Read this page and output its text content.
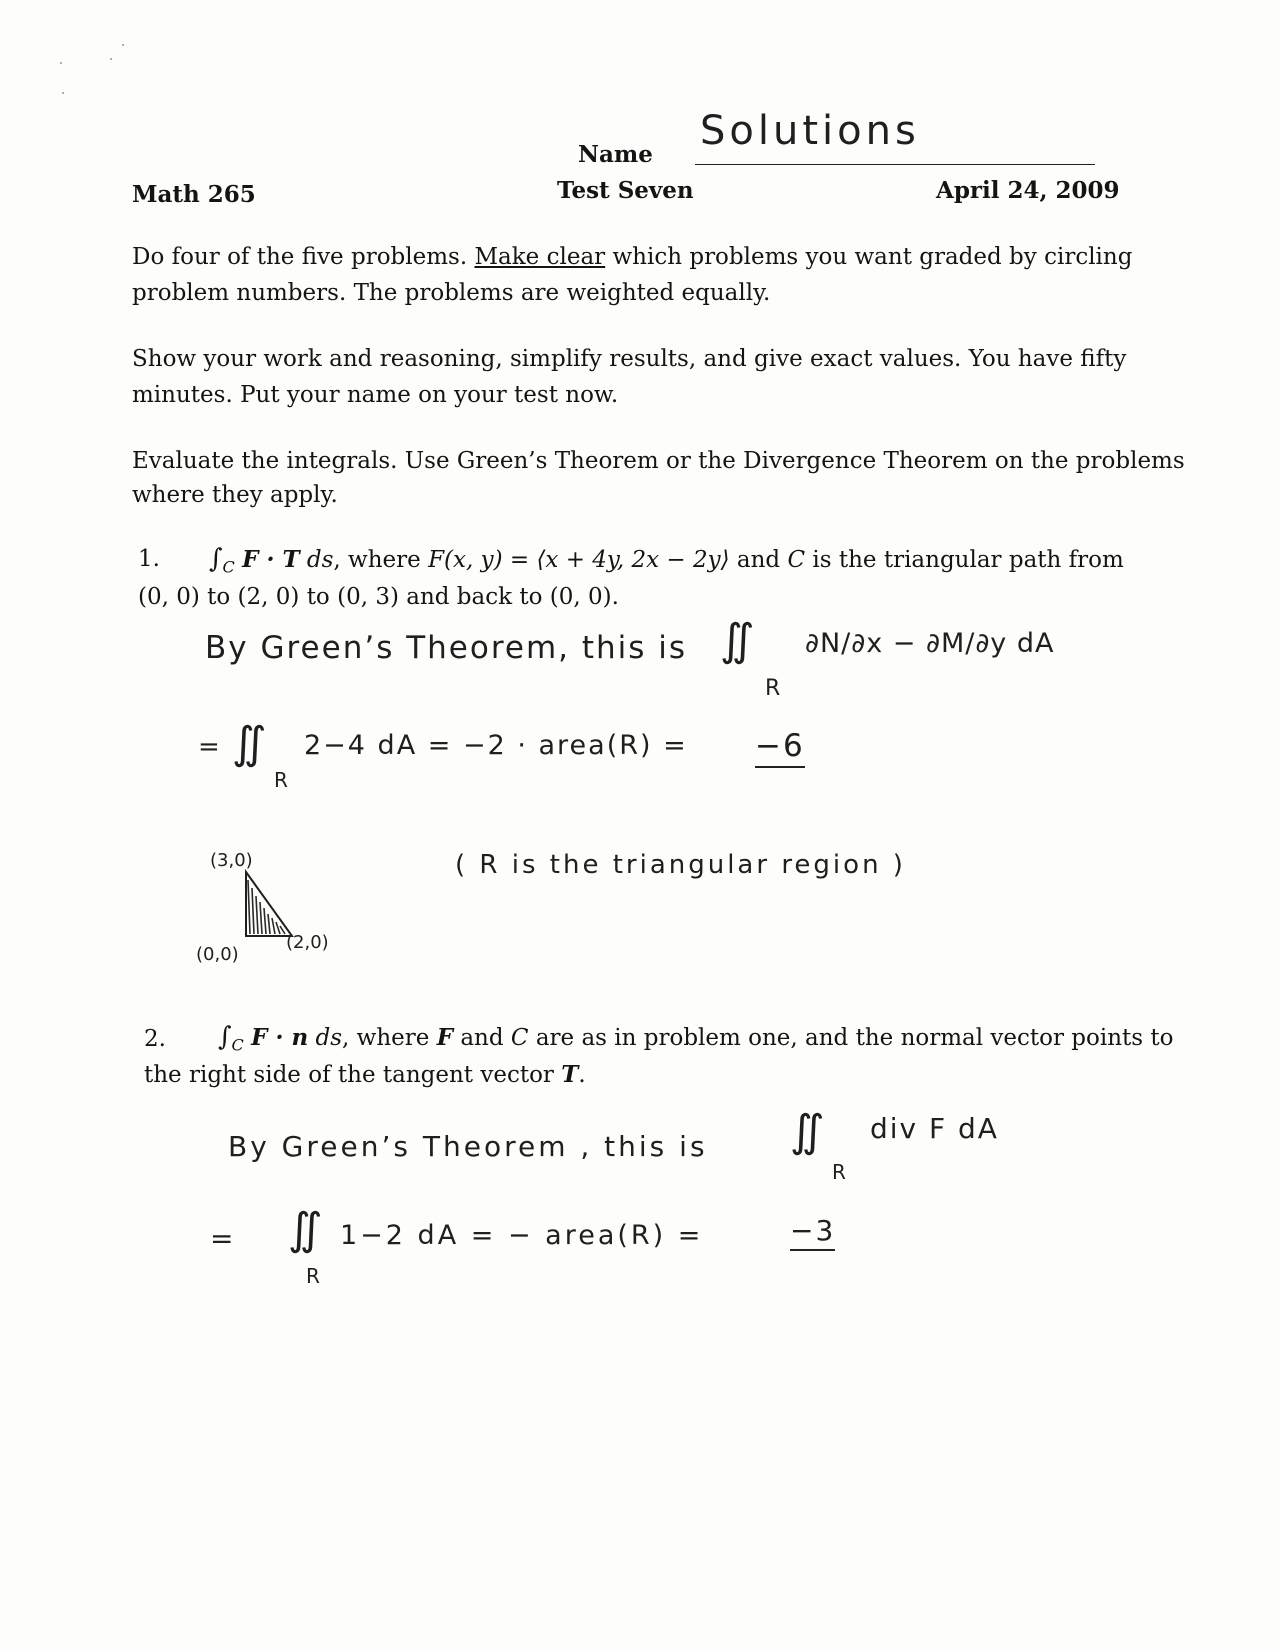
Name
Solutions
Math 265	Test Seven	April 24, 2009
Do four of the five problems. Make clear which problems you want graded by circling
problem numbers. The problems are weighted equally.
Show your work and reasoning, simplify results, and give exact values. You have fifty
minutes. Put your name on your test now.
Evaluate the integrals. Use Green’s Theorem or the Divergence Theorem on the problems
where they apply.
1. $\int_C$ F · T ds, where F(x, y) = ⟨x + 4y, 2x − 2y⟩ and C is the triangular path from
(0, 0) to (2, 0) to (0, 3) and back to (0, 0).
By Green’s Theorem, this is ∬
R
∂N/∂x − ∂M/∂y dA
= ∬
R
2−4 dA = −2 · area(R) = −6
(3,0)
(0,0)
(2,0)
( R is the triangular region )
2. $\int_C$ F · n ds, where F and C are as in problem one, and the normal vector points to
the right side of the tangent vector T.
By Green’s Theorem , this is ∬
R
div F dA
= ∬
R
1−2 dA = − area(R) =	−3
